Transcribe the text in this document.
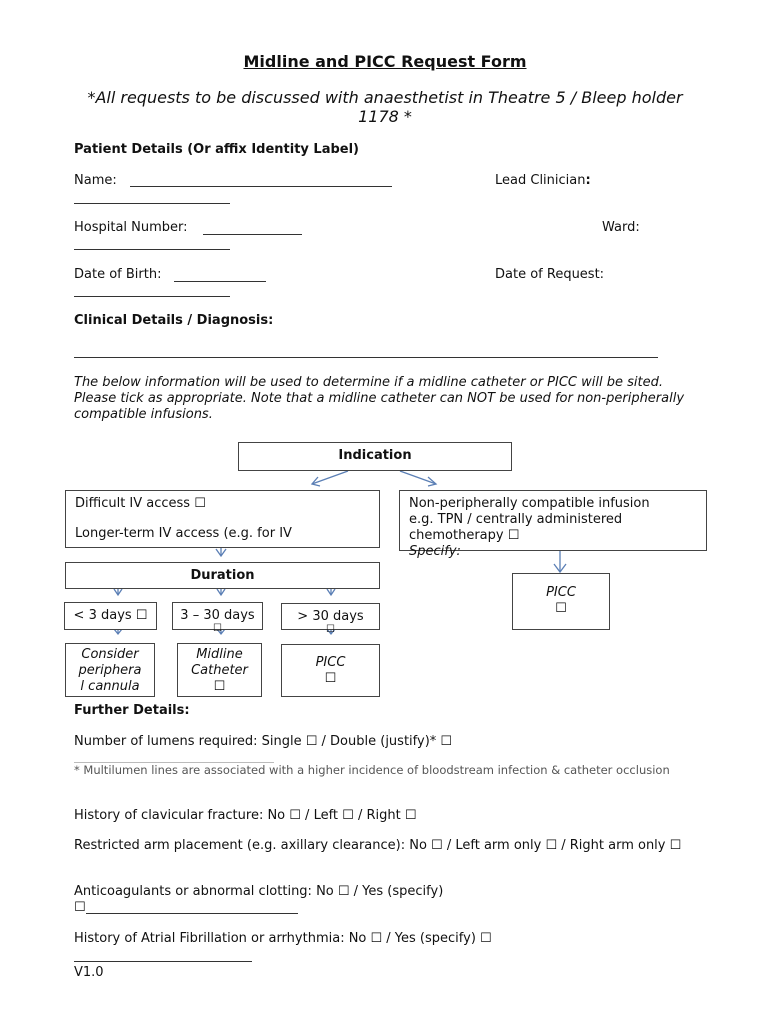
Midline and PICC Request Form
*All requests to be discussed with anaesthetist in Theatre 5 / Bleep holder 1178 *
Patient Details (Or affix Identity Label)
Name:	Lead Clinician:
Hospital Number:	Ward:
Date of Birth:	Date of Request:
Clinical Details / Diagnosis:
The below information will be used to determine if a midline catheter or PICC will be sited. Please tick as appropriate. Note that a midline catheter can NOT be used for non-peripherally compatible infusions.
Indication
Difficult IV access ☐
Longer-term IV access (e.g. for IV
Non-peripherally compatible infusion
e.g. TPN / centrally administered
chemotherapy ☐
Specify:
Duration
PICC
☐
< 3 days ☐	3 – 30 days
☐
> 30 days
☐
Consider
periphera
l cannula
Midline
Catheter
☐
PICC
☐
Further Details:
Number of lumens required: Single ☐ / Double (justify)* ☐
* Multilumen lines are associated with a higher incidence of bloodstream infection & catheter occlusion
History of clavicular fracture: No ☐ / Left ☐ / Right ☐
Restricted arm placement (e.g. axillary clearance): No ☐ / Left arm only ☐ / Right arm only ☐
Anticoagulants or abnormal clotting: No ☐ / Yes (specify)
☐
History of Atrial Fibrillation or arrhythmia: No ☐ / Yes (specify) ☐
V1.0
